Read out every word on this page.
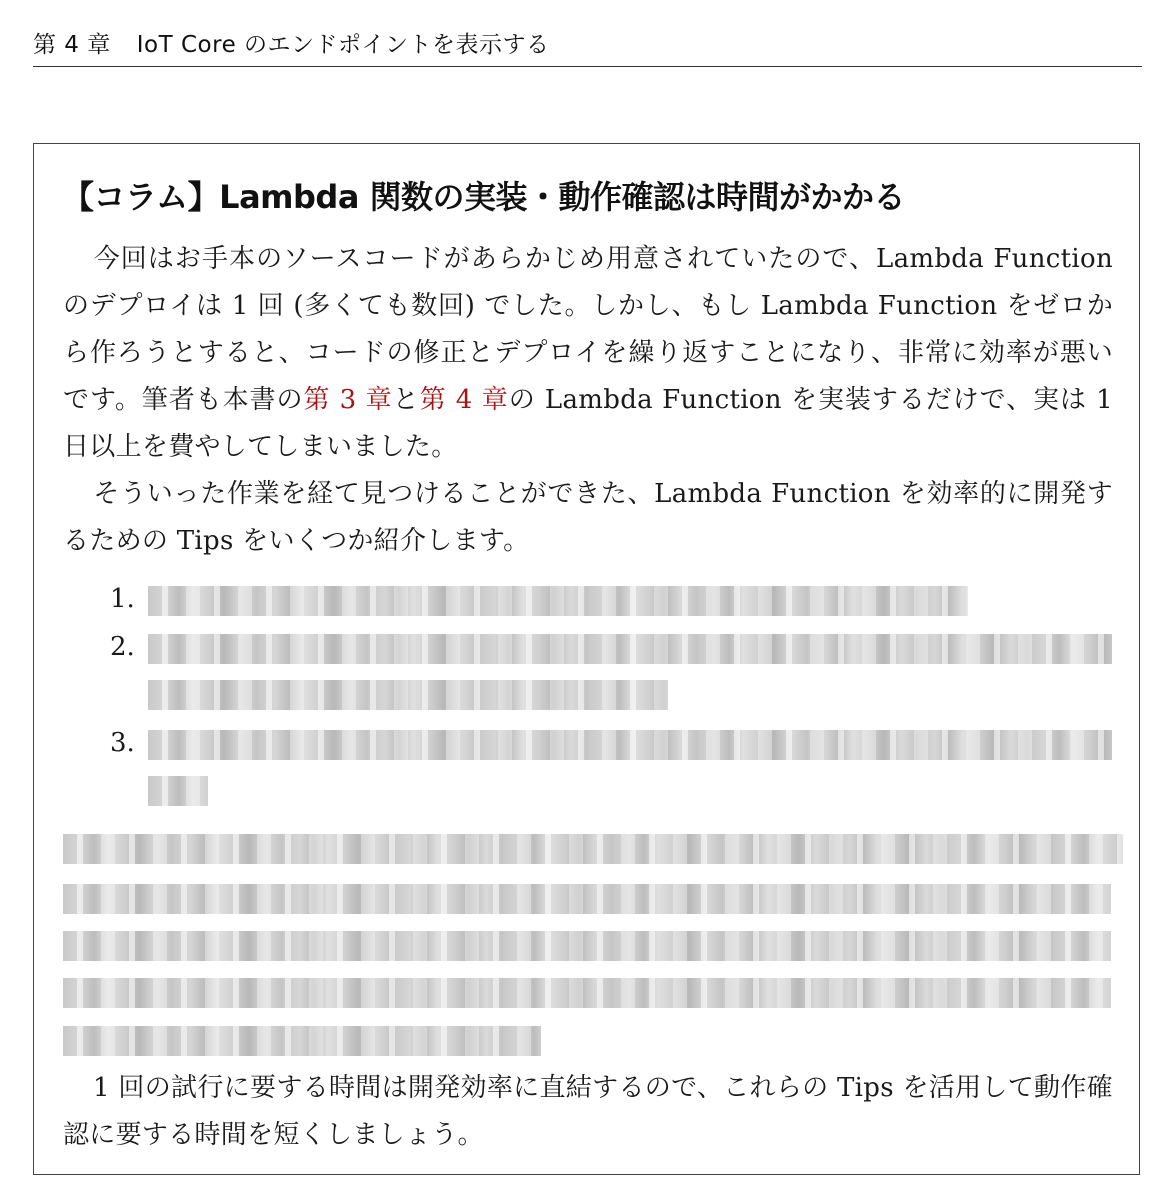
第 4 章 IoT Core のエンドポイントを表示する
【コラム】Lambda 関数の実装・動作確認は時間がかかる
今回はお手本のソースコードがあらかじめ用意されていたので、Lambda Function のデプロイは 1 回 (多くても数回) でした。しかし、もし Lambda Function をゼロから作ろうとすると、コードの修正とデプロイを繰り返すことになり、非常に効率が悪いです。筆者も本書の第 3 章と第 4 章の Lambda Function を実装するだけで、実は 1 日以上を費やしてしまいました。
そういった作業を経て見つけることができた、Lambda Function を効率的に開発するための Tips をいくつか紹介します。
1.
2.
3.
1 回の試行に要する時間は開発効率に直結するので、これらの Tips を活用して動作確認に要する時間を短くしましょう。
